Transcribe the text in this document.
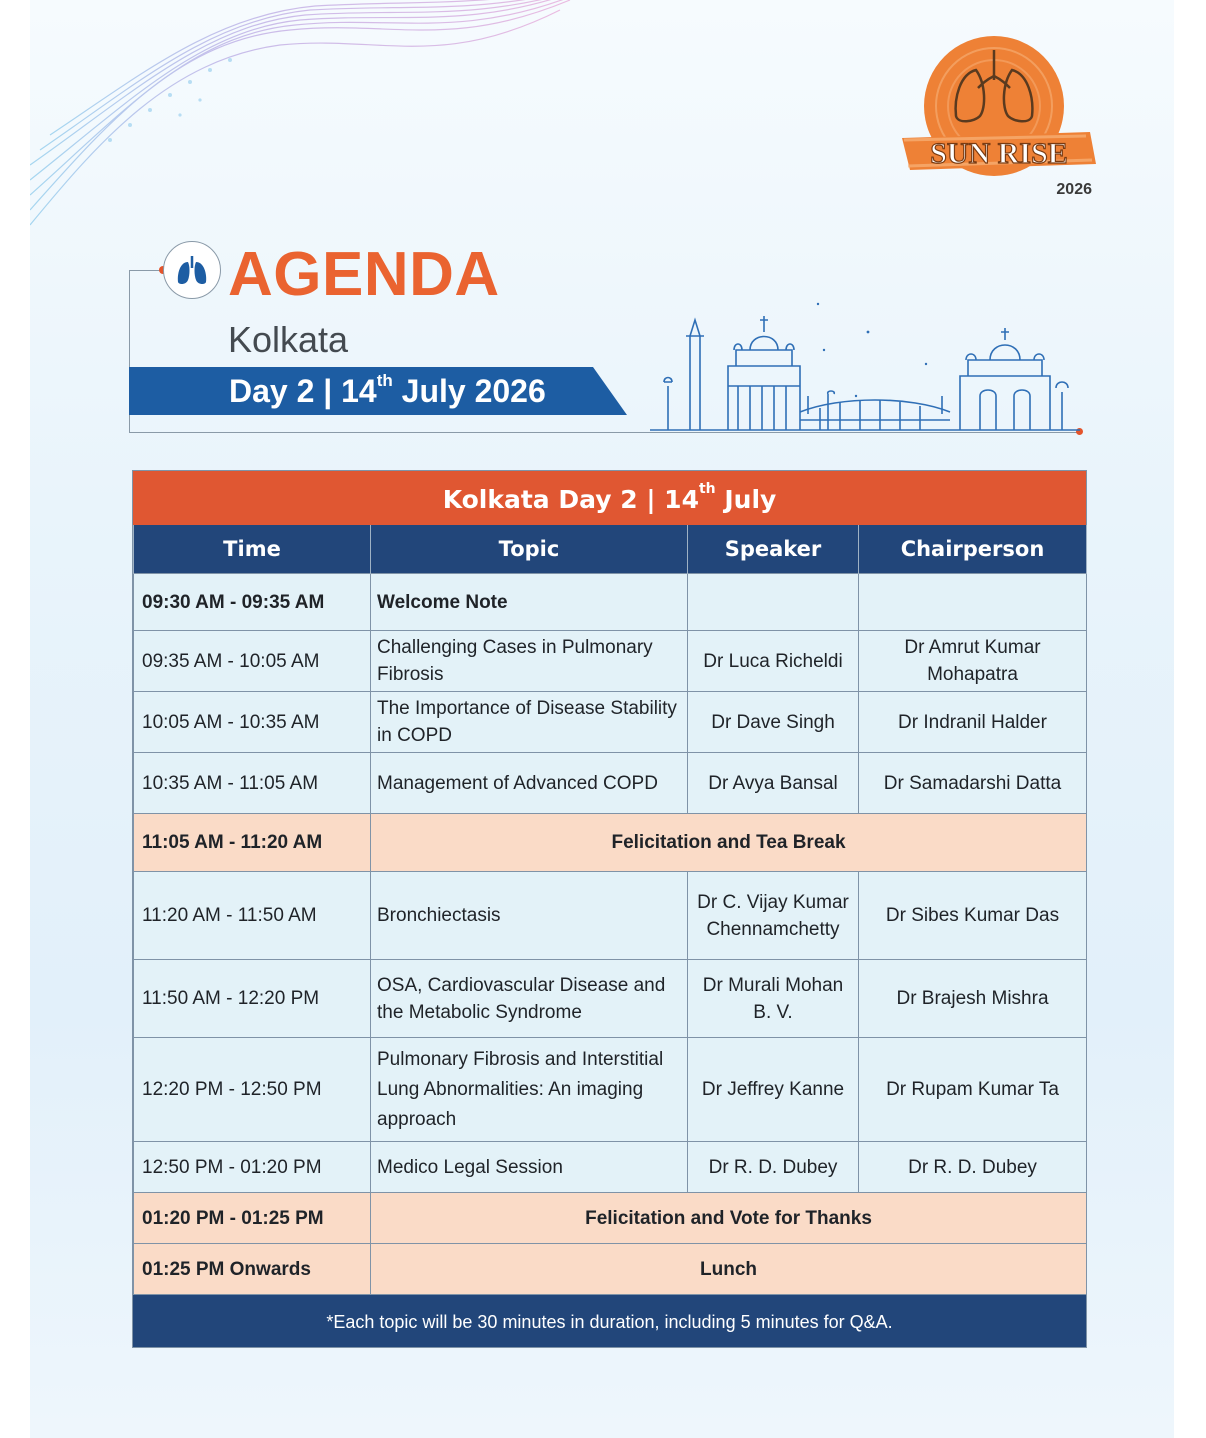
SUN RISE
2026
AGENDA
Kolkata
Day 2 | 14th July 2026
Kolkata Day 2 | 14th July
Time	Topic	Speaker	Chairperson
09:30 AM - 09:35 AM	Welcome Note		
09:35 AM - 10:05 AM	Challenging Cases in Pulmonary Fibrosis	Dr Luca Richeldi	Dr Amrut Kumar Mohapatra
10:05 AM - 10:35 AM	The Importance of Disease Stability in COPD	Dr Dave Singh	Dr Indranil Halder
10:35 AM - 11:05 AM	Management of Advanced COPD	Dr Avya Bansal	Dr Samadarshi Datta
11:05 AM - 11:20 AM	Felicitation and Tea Break		
11:20 AM - 11:50 AM	Bronchiectasis	Dr C. Vijay Kumar Chennamchetty	Dr Sibes Kumar Das
11:50 AM - 12:20 PM	OSA, Cardiovascular Disease and the Metabolic Syndrome	Dr Murali Mohan B. V.	Dr Brajesh Mishra
12:20 PM - 12:50 PM	Pulmonary Fibrosis and Interstitial Lung Abnormalities: An imaging approach	Dr Jeffrey Kanne	Dr Rupam Kumar Ta
12:50 PM - 01:20 PM	Medico Legal Session	Dr R. D. Dubey	Dr R. D. Dubey
01:20 PM - 01:25 PM	Felicitation and Vote for Thanks		
01:25 PM Onwards	Lunch		
*Each topic will be 30 minutes in duration, including 5 minutes for Q&A.
